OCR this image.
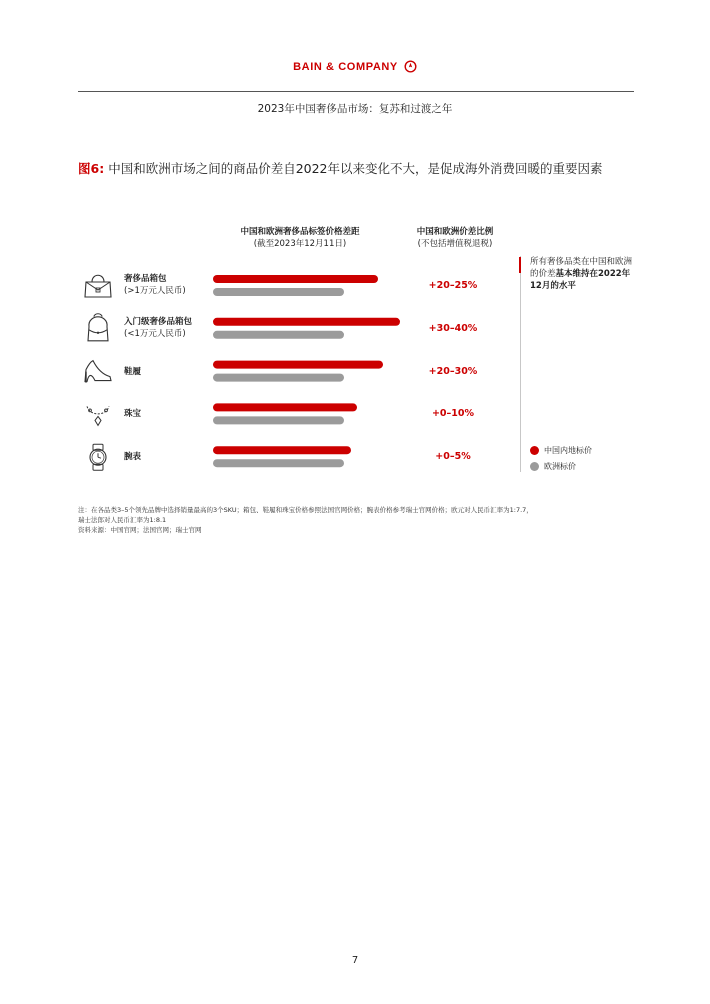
BAIN & COMPANY
2023年中国奢侈品市场：复苏和过渡之年
图6: 中国和欧洲市场之间的商品价差自2022年以来变化不大，是促成海外消费回暖的重要因素
中国和欧洲奢侈品标签价格差距
(截至2023年12月11日)
中国和欧洲价差比例
(不包括增值税退税)
奢侈品箱包
(>1万元人民币)	+20–25%
入门级奢侈品箱包
(<1万元人民币)	+30–40%
鞋履	+20–30%
珠宝	+0–10%
腕表	+0–5%
所有奢侈品类在中国和欧洲的价差基本维持在2022年12月的水平
中国内地标价
欧洲标价
注：在各品类3–5个领先品牌中选择销量最高的3个SKU；箱包、鞋履和珠宝价格参照法国官网价格；腕表价格参考瑞士官网价格；欧元对人民币汇率为1:7.7，
瑞士法郎对人民币汇率为1:8.1
资料来源：中国官网；法国官网；瑞士官网
7
